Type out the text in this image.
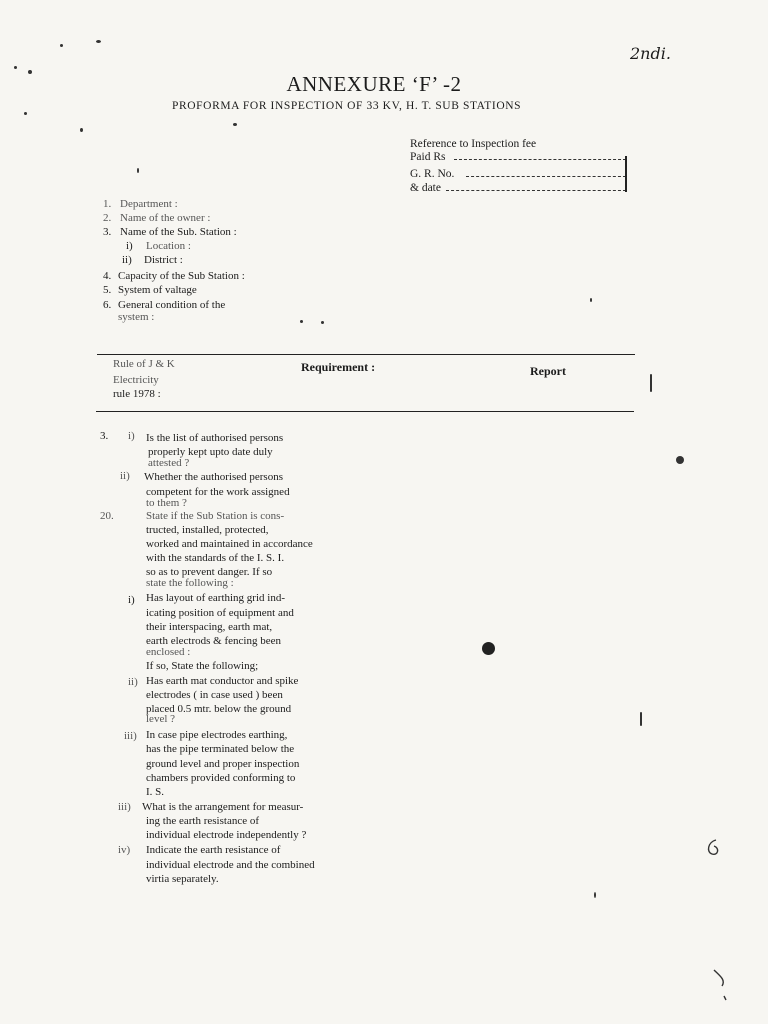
2ndi.
ANNEXURE ‘F’ -2
PROFORMA FOR INSPECTION OF 33 KV, H. T. SUB STATIONS
Reference to Inspection fee
Paid Rs
G. R. No.
& date
1. Department :
2. Name of the owner :
3. Name of the Sub. Station :
i) Location :
ii) District :
4. Capacity of the Sub Station :
5. System of valtage
6. General condition of the
system :
Rule of J & K
Electricity
rule 1978 :
Requirement :	Report
3. i) Is the list of authorised persons
properly kept upto date duly
attested ?
ii) Whether the authorised persons
competent for the work assigned
to them ?
20.	State if the Sub Station is cons-
tructed, installed, protected,
worked and maintained in accordance
with the standards of the I. S. I.
so as to prevent danger. If so
state the following :
i) Has layout of earthing grid ind-
icating position of equipment and
their interspacing, earth mat,
earth electrods & fencing been
enclosed :
If so, State the following;
ii) Has earth mat conductor and spike
electrodes ( in case used ) been
placed 0.5 mtr. below the ground
level ?
iii) In case pipe electrodes earthing,
has the pipe terminated below the
ground level and proper inspection
chambers provided conforming to
I. S.
iii) What is the arrangement for measur-
ing the earth resistance of
individual electrode independently ?
iv) Indicate the earth resistance of
individual electrode and the combined
virtia separately.
